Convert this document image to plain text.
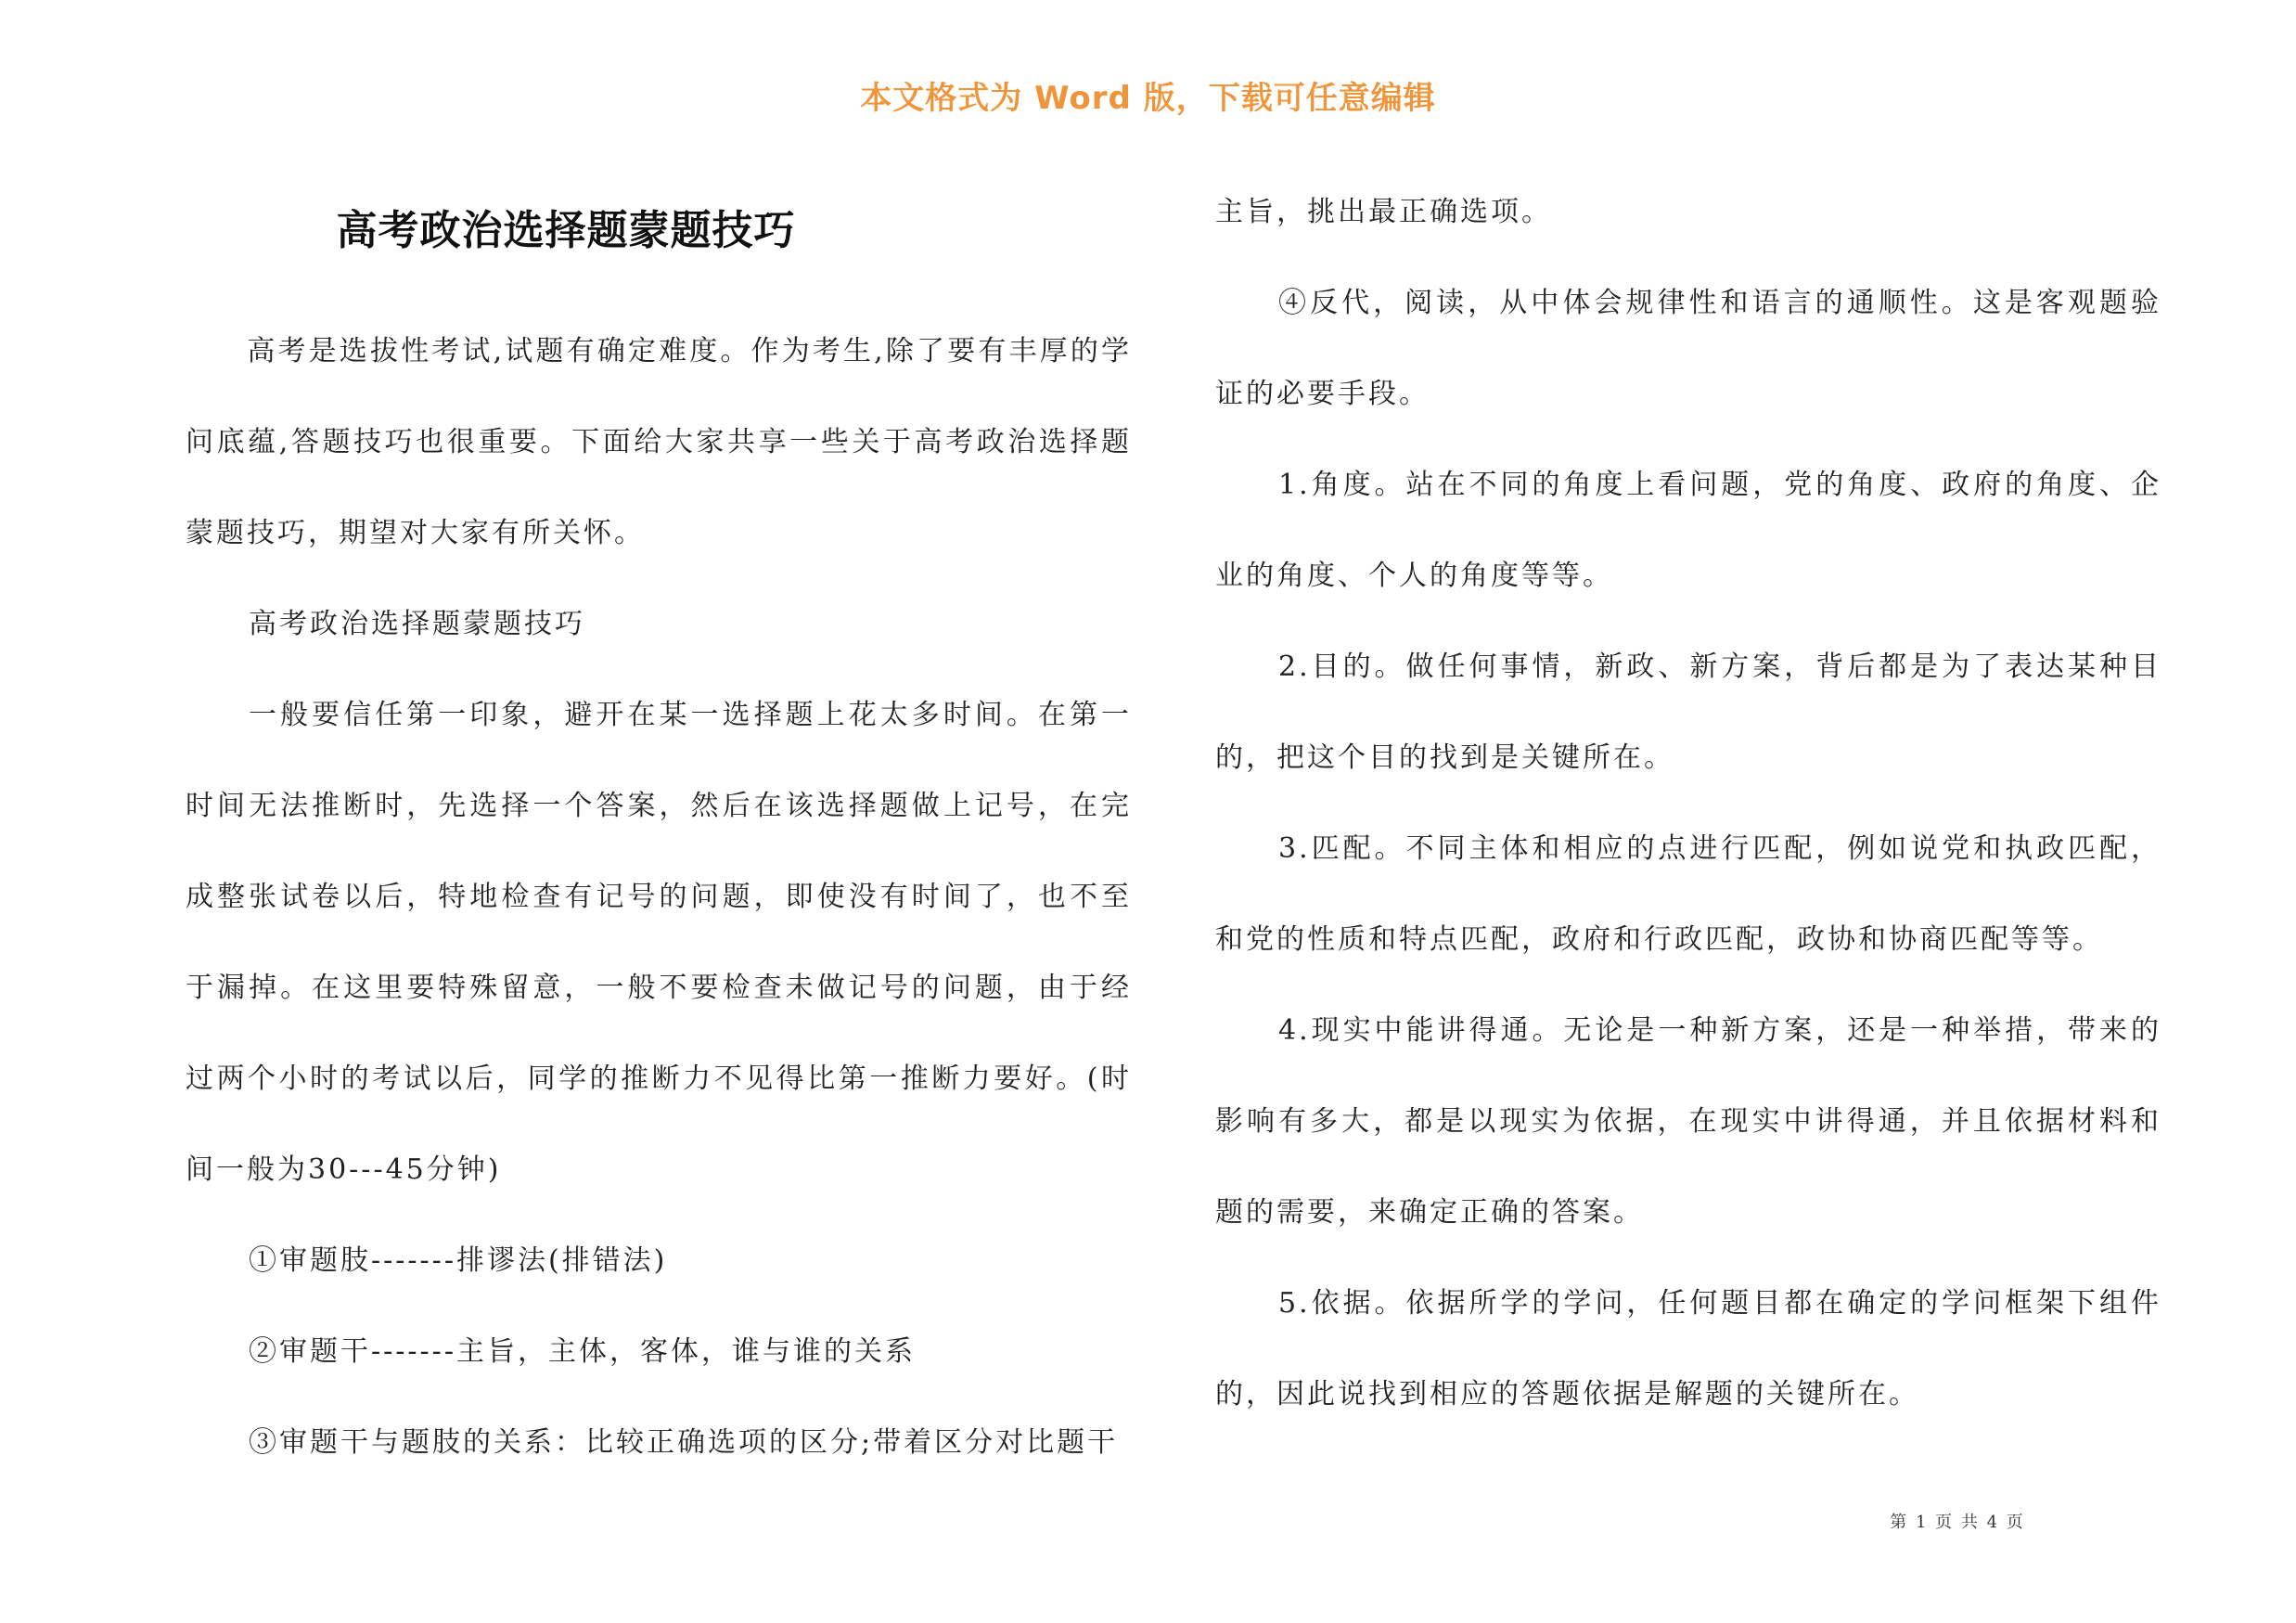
本文格式为 Word 版，下载可任意编辑
高考政治选择题蒙题技巧

　　高考是选拔性考试,试题有确定难度。作为考生,除了要有丰厚的学问底蕴,答题技巧也很重要。下面给大家共享一些关于高考政治选择题蒙题技巧，期望对大家有所关怀。

高考政治选择题蒙题技巧

一般要信任第一印象，避开在某一选择题上花太多时间。在第一时间无法推断时，先选择一个答案，然后在该选择题做上记号，在完成整张试卷以后，特地检查有记号的问题，即使没有时间了，也不至于漏掉。在这里要特殊留意，一般不要检查未做记号的问题，由于经过两个小时的考试以后，同学的推断力不见得比第一推断力要好。(时间一般为30---45分钟)

①审题肢-------排谬法(排错法)

②审题干-------主旨，主体，客体，谁与谁的关系

③审题干与题肢的关系：比较正确选项的区分;带着区分对比题干

主旨，挑出最正确选项。

④反代，阅读，从中体会规律性和语言的通顺性。这是客观题验证的必要手段。

1.角度。站在不同的角度上看问题，党的角度、政府的角度、企业的角度、个人的角度等等。

2.目的。做任何事情，新政、新方案，背后都是为了表达某种目的，把这个目的找到是关键所在。

3.匹配。不同主体和相应的点进行匹配，例如说党和执政匹配，和党的性质和特点匹配，政府和行政匹配，政协和协商匹配等等。

4.现实中能讲得通。无论是一种新方案，还是一种举措，带来的影响有多大，都是以现实为依据，在现实中讲得通，并且依据材料和题的需要，来确定正确的答案。

5.依据。依据所学的学问，任何题目都在确定的学问框架下组件的，因此说找到相应的答题依据是解题的关键所在。

第 1 页 共 4 页
